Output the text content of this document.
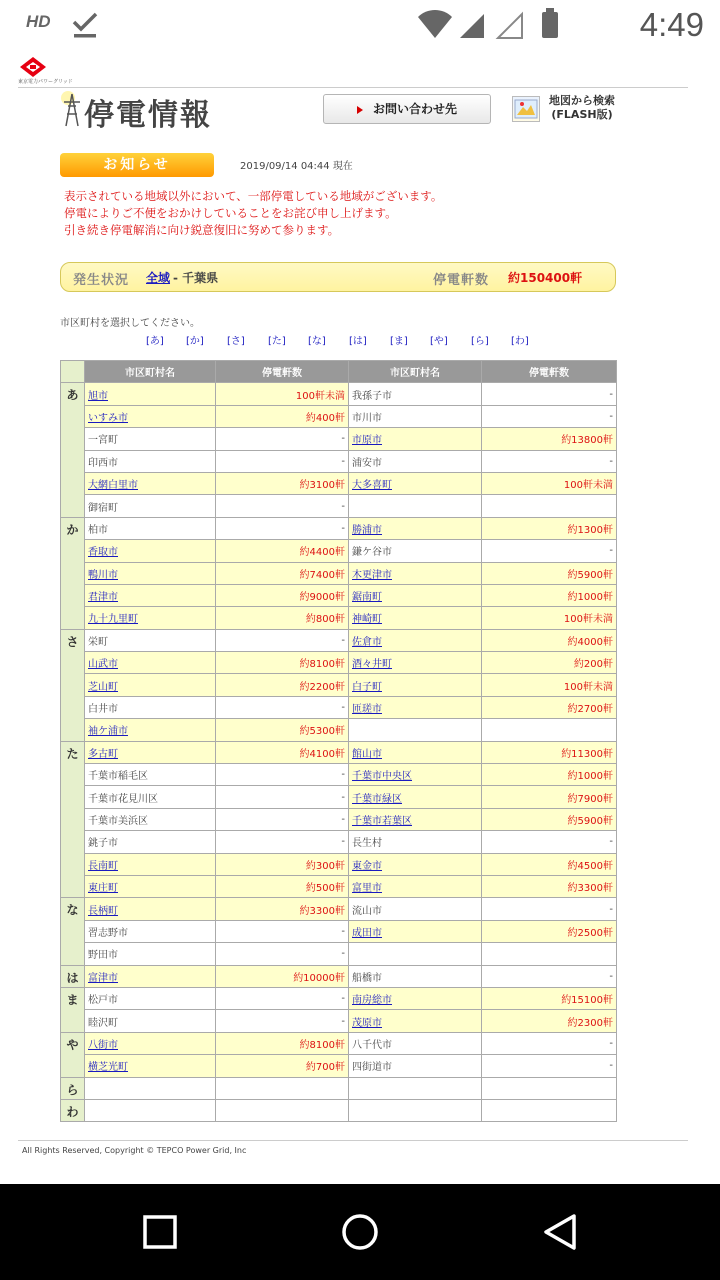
HD	4:49
東京電力パワーグリッド
停電情報	お問い合わせ先
地図から検索
(FLASH版)
お知らせ	2019/09/14 04:44 現在
表示されている地域以外において、一部停電している地域がございます。
停電によりご不便をおかけしていることをお詫び申し上げます。
引き続き停電解消に向け鋭意復旧に努めて参ります。
発生状況 全域 - 千葉県	停電軒数 約150400軒
市区町村を選択してください。
[あ] [か] [さ] [た] [な] [は] [ま] [や] [ら] [わ]
	市区町村名	停電軒数	市区町村名	停電軒数
あ	旭市	100軒未満	我孫子市	-
	いすみ市	約400軒	市川市	-
	一宮町	-	市原市	約13800軒
	印西市	-	浦安市	-
	大網白里市	約3100軒	大多喜町	100軒未満
	御宿町	-		
か	柏市	-	勝浦市	約1300軒
	香取市	約4400軒	鎌ケ谷市	-
	鴨川市	約7400軒	木更津市	約5900軒
	君津市	約9000軒	鋸南町	約1000軒
	九十九里町	約800軒	神崎町	100軒未満
さ	栄町	-	佐倉市	約4000軒
	山武市	約8100軒	酒々井町	約200軒
	芝山町	約2200軒	白子町	100軒未満
	白井市	-	匝瑳市	約2700軒
	袖ケ浦市	約5300軒		
た	多古町	約4100軒	館山市	約11300軒
	千葉市稲毛区	-	千葉市中央区	約1000軒
	千葉市花見川区	-	千葉市緑区	約7900軒
	千葉市美浜区	-	千葉市若葉区	約5900軒
	銚子市	-	長生村	-
	長南町	約300軒	東金市	約4500軒
	東庄町	約500軒	富里市	約3300軒
な	長柄町	約3300軒	流山市	-
	習志野市	-	成田市	約2500軒
	野田市	-		
は	富津市	約10000軒	船橋市	-
ま	松戸市	-	南房総市	約15100軒
	睦沢町	-	茂原市	約2300軒
や	八街市	約8100軒	八千代市	-
	横芝光町	約700軒	四街道市	-
ら				
わ				
All Rights Reserved, Copyright © TEPCO Power Grid, Inc
